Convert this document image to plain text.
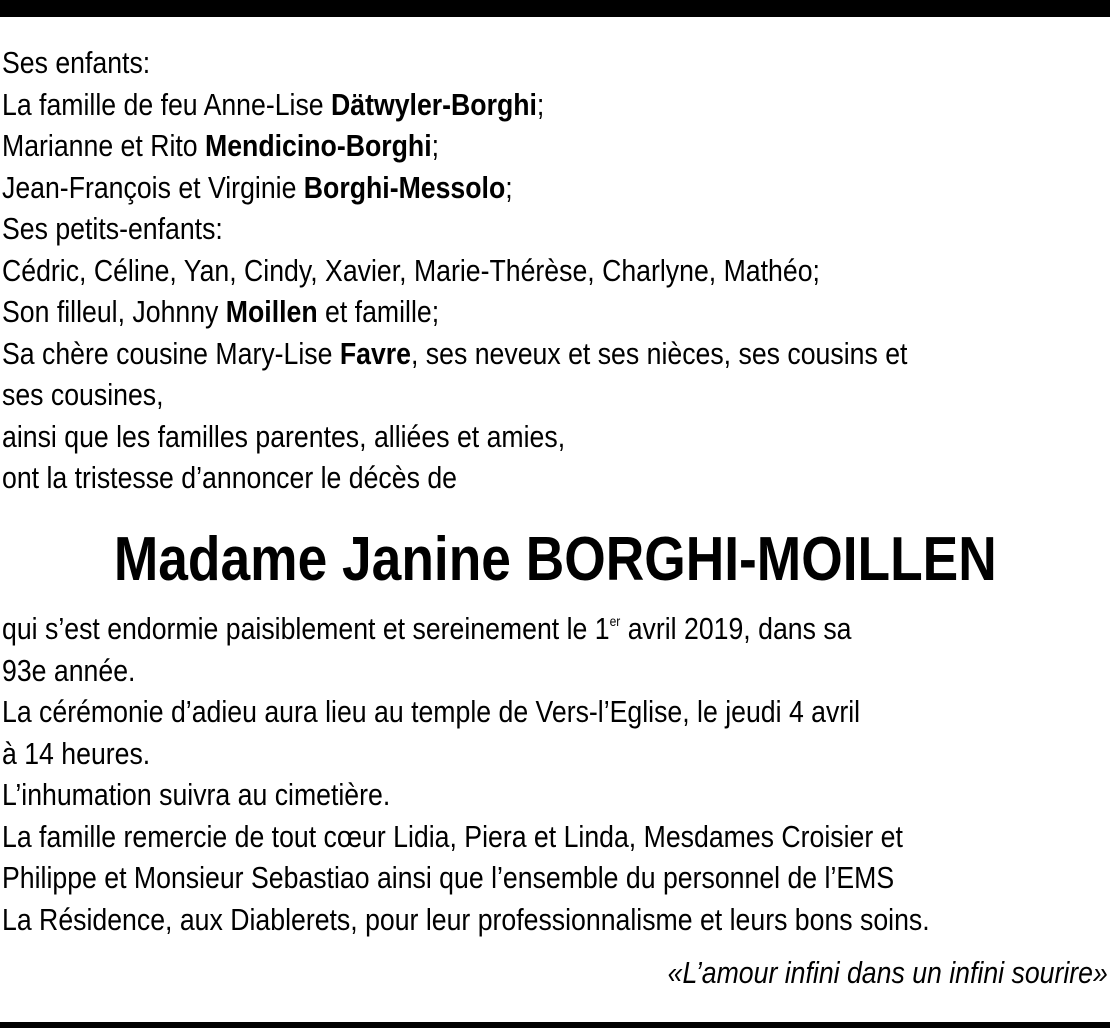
Ses enfants:
La famille de feu Anne-Lise Dätwyler-Borghi;
Marianne et Rito Mendicino-Borghi;
Jean-François et Virginie Borghi-Messolo;
Ses petits-enfants:
Cédric, Céline, Yan, Cindy, Xavier, Marie-Thérèse, Charlyne, Mathéo;
Son filleul, Johnny Moillen et famille;
Sa chère cousine Mary-Lise Favre, ses neveux et ses nièces, ses cousins et
ses cousines,
ainsi que les familles parentes, alliées et amies,
ont la tristesse d’annoncer le décès de
Madame Janine BORGHI-MOILLEN
qui s’est endormie paisiblement et sereinement le 1er avril 2019, dans sa
93e année.
La cérémonie d’adieu aura lieu au temple de Vers-l’Eglise, le jeudi 4 avril
à 14 heures.
L’inhumation suivra au cimetière.
La famille remercie de tout cœur Lidia, Piera et Linda, Mesdames Croisier et
Philippe et Monsieur Sebastiao ainsi que l’ensemble du personnel de l’EMS
La Résidence, aux Diablerets, pour leur professionnalisme et leurs bons soins.
«L’amour infini dans un infini sourire»
